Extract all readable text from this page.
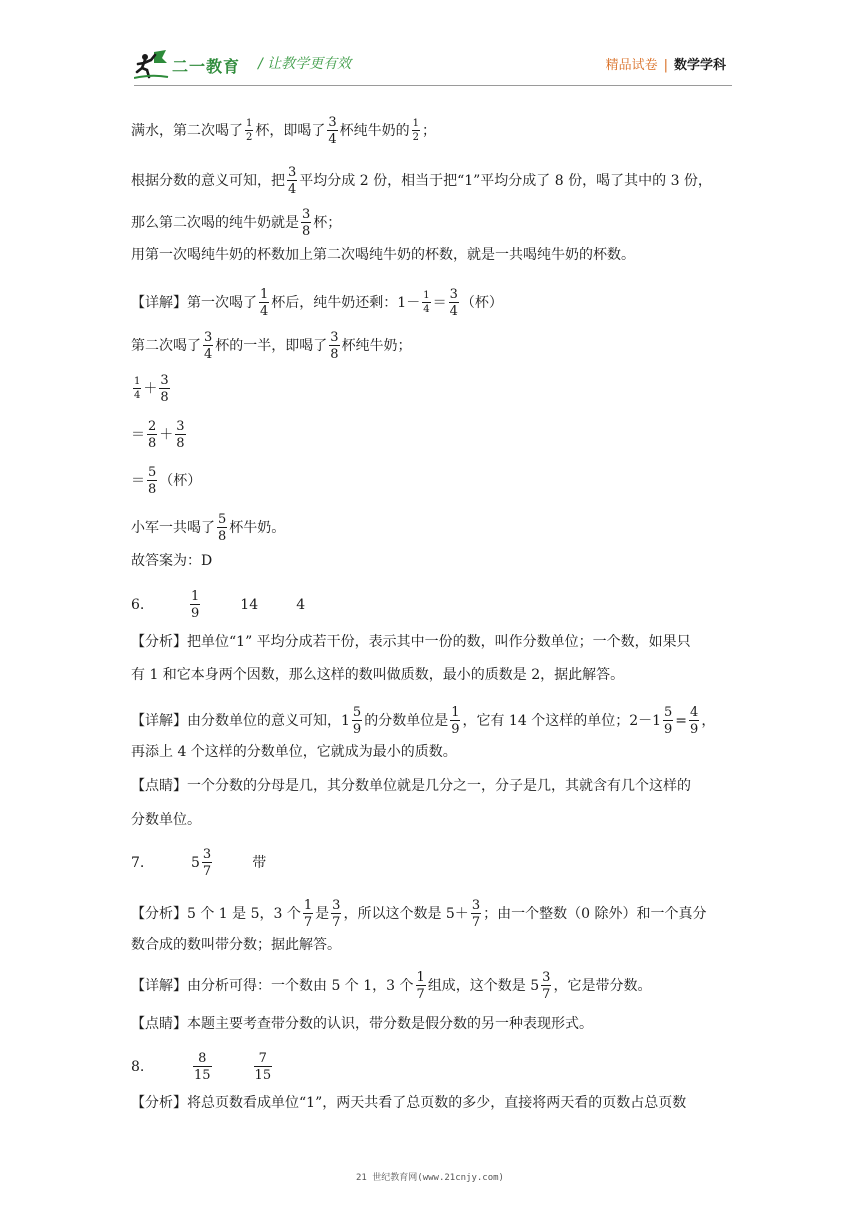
二一教育 / 让教学更有效	精品试卷 | 数学学科
满水，第二次喝了 $\frac{1}{2}$ 杯，即喝了 $\frac{3}{4}$ 杯纯牛奶的 $\frac{1}{2}$ ；
根据分数的意义可知，把 $\frac{3}{4}$ 平均分成 2 份，相当于把“1”平均分成了 8 份，喝了其中的 3 份，
那么第二次喝的纯牛奶就是 $\frac{3}{8}$ 杯；
用第一次喝纯牛奶的杯数加上第二次喝纯牛奶的杯数，就是一共喝纯牛奶的杯数。
【详解】第一次喝了 $\frac{1}{4}$ 杯后，纯牛奶还剩：$1- \frac{1}{4} = \frac{3}{4}$ （杯）
第二次喝了 $\frac{3}{4}$ 杯的一半，即喝了 $\frac{3}{8}$ 杯纯牛奶；
$\frac{1}{4} + \frac{3}{8}$
＝ $\frac{2}{8} + \frac{3}{8}$
＝ $\frac{5}{8}$ （杯）
小军一共喝了 $\frac{5}{8}$ 杯牛奶。
故答案为：D
6.	$\frac{1}{9}$	14	4
【分析】把单位“1” 平均分成若干份，表示其中一份的数，叫作分数单位；一个数，如果只
有 1 和它本身两个因数，那么这样的数叫做质数，最小的质数是 2，据此解答。
【详解】由分数单位的意义可知，$1 \frac{5}{9}$ 的分数单位是 $\frac{1}{9}$ ，它有 14 个这样的单位；$2-1 \frac{5}{9} = \frac{4}{9}$ ，
再添上 4 个这样的分数单位，它就成为最小的质数。
【点睛】一个分数的分母是几，其分数单位就是几分之一，分子是几，其就含有几个这样的
分数单位。
7.	$5 \frac{3}{7}$	带
【分析】5 个 1 是 5，3 个 $\frac{1}{7}$ 是 $\frac{3}{7}$ ，所以这个数是 $5+ \frac{3}{7}$ ；由一个整数（0 除外）和一个真分
数合成的数叫带分数；据此解答。
【详解】由分析可得：一个数由 5 个 1，3 个 $\frac{1}{7}$ 组成，这个数是 $5 \frac{3}{7}$ ，它是带分数。
【点睛】本题主要考查带分数的认识，带分数是假分数的另一种表现形式。
8.	$\frac{8}{15}$	$\frac{7}{15}$
【分析】将总页数看成单位“1”，两天共看了总页数的多少，直接将两天看的页数占总页数
21 世纪教育网(www.21cnjy.com)
